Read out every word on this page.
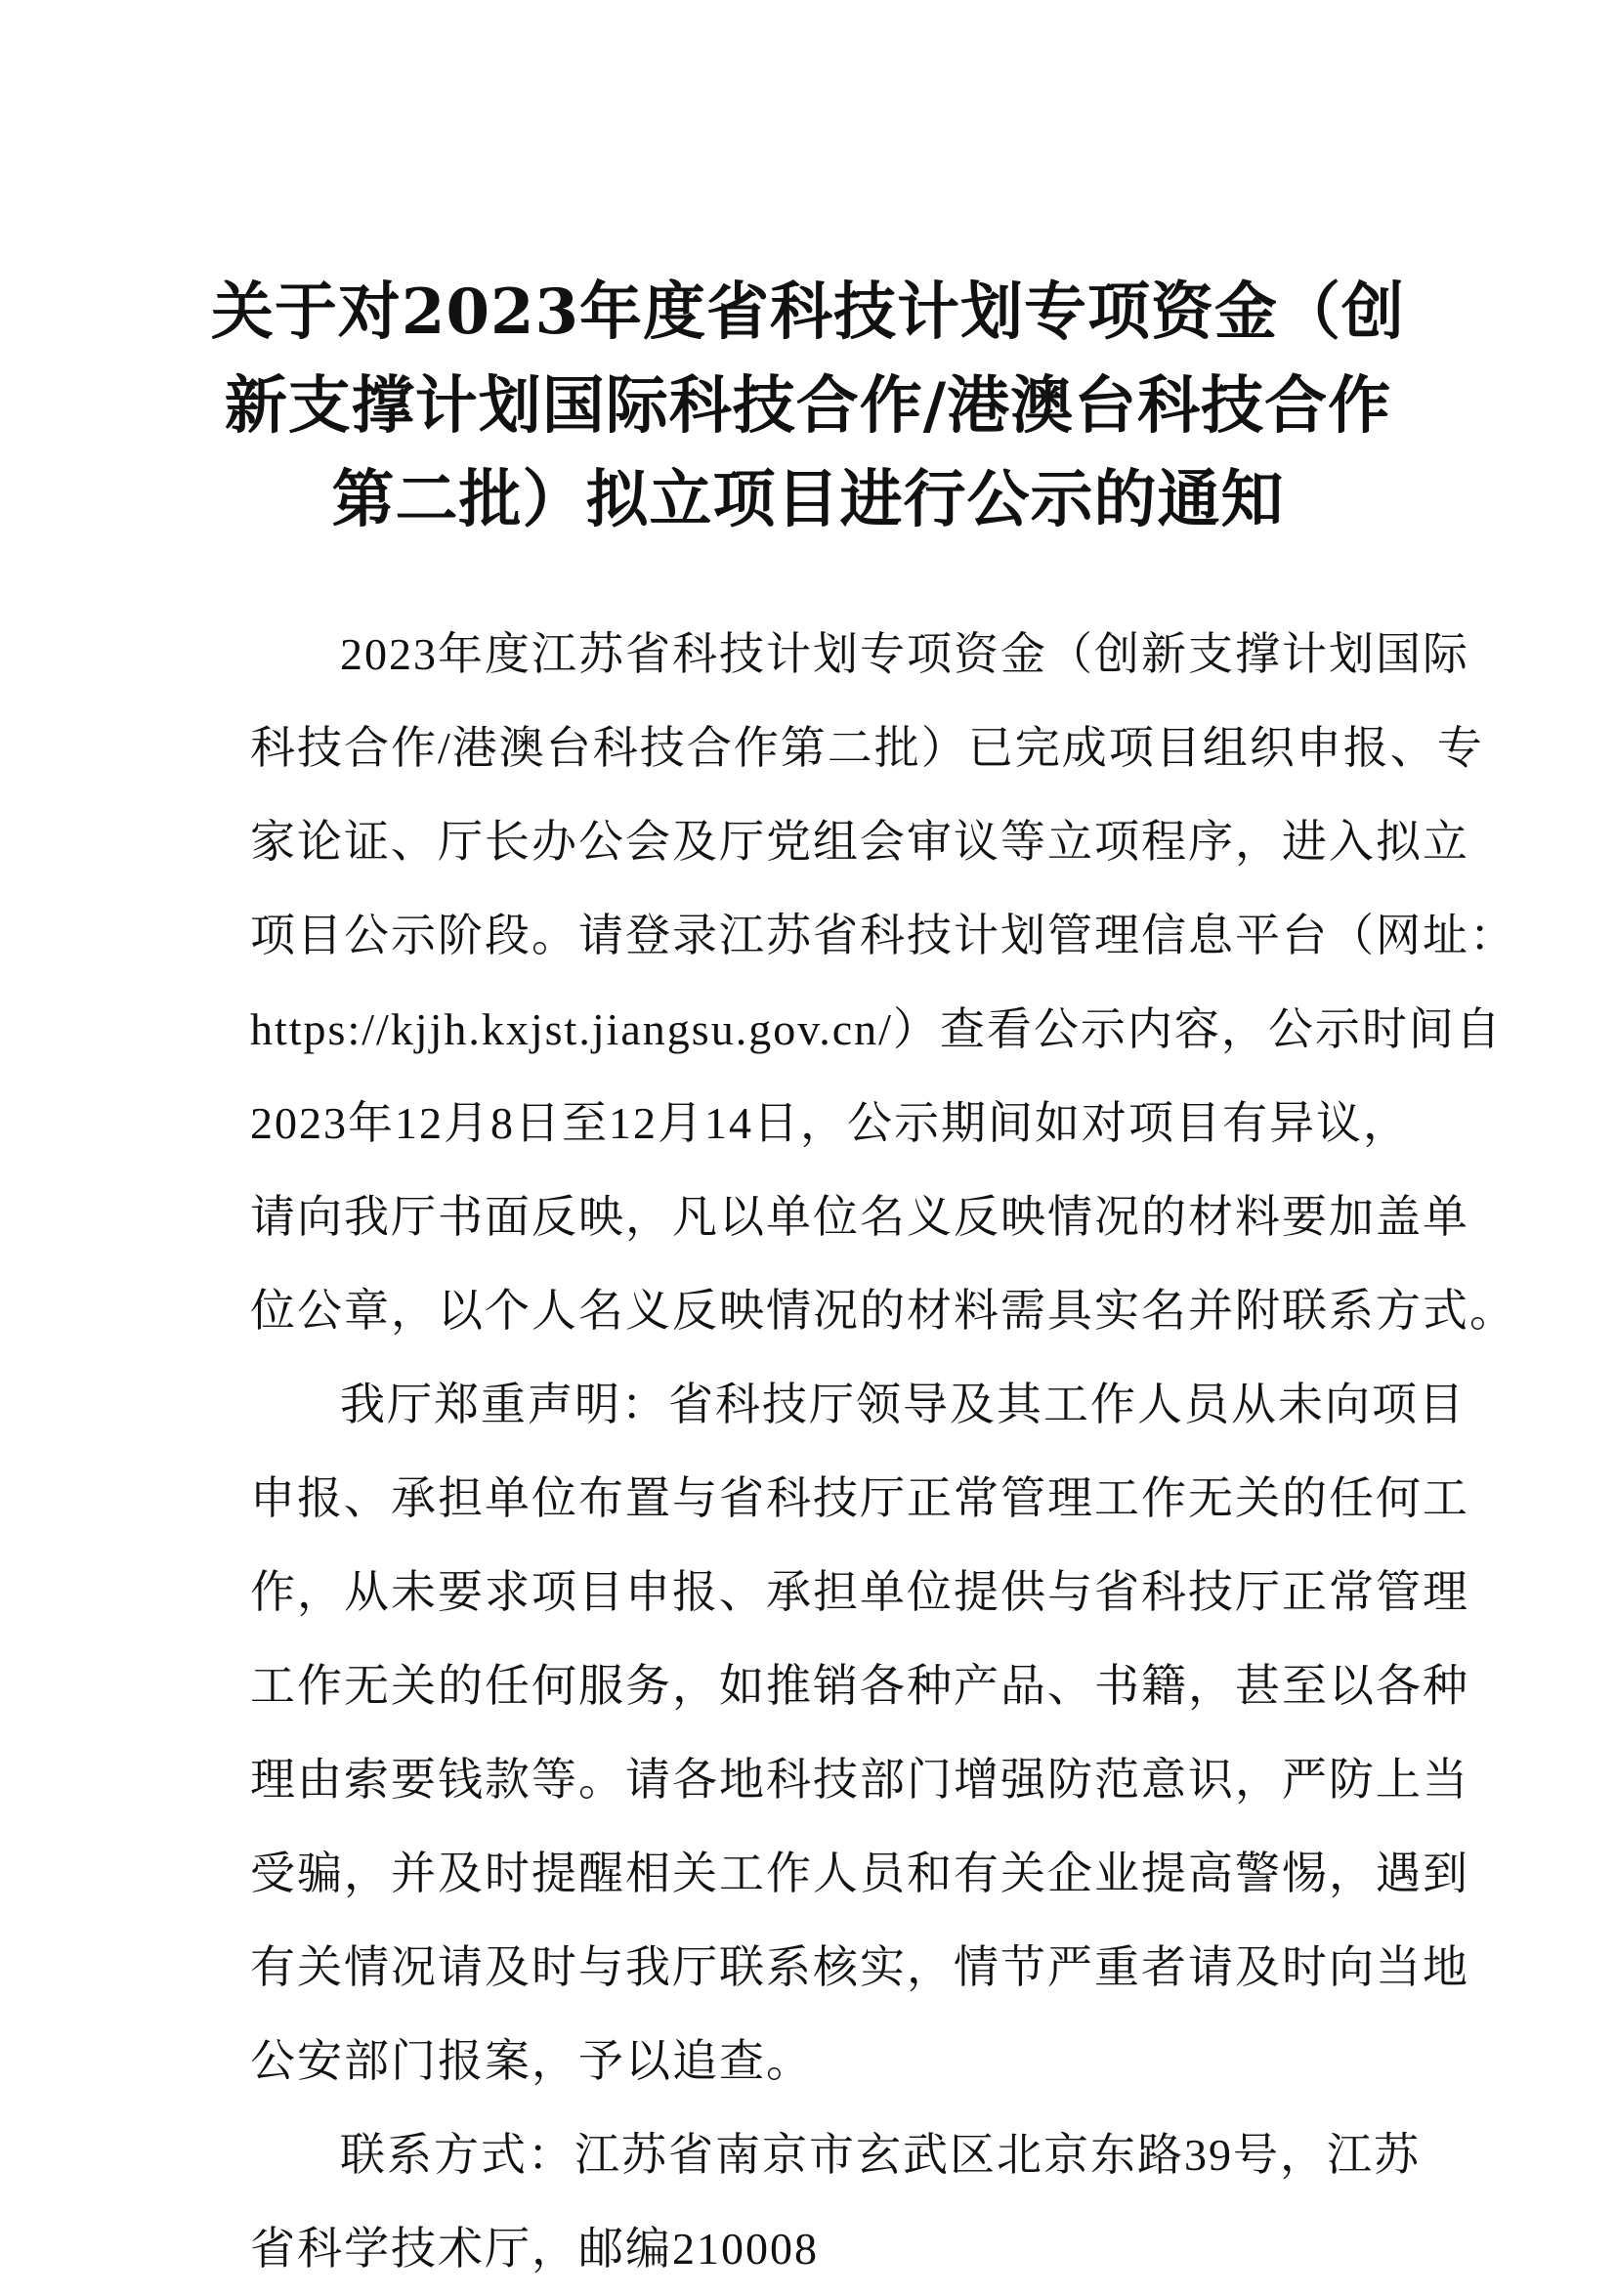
关于对2023年度省科技计划专项资金（创
新支撑计划国际科技合作/港澳台科技合作
第二批）拟立项目进行公示的通知
2023年度江苏省科技计划专项资金（创新支撑计划国际
科技合作/港澳台科技合作第二批）已完成项目组织申报、专
家论证、厅长办公会及厅党组会审议等立项程序，进入拟立
项目公示阶段。请登录江苏省科技计划管理信息平台（网址：
https://kjjh.kxjst.jiangsu.gov.cn/）查看公示内容，公示时间自
2023年12月8日至12月14日，公示期间如对项目有异议，
请向我厅书面反映，凡以单位名义反映情况的材料要加盖单
位公章，以个人名义反映情况的材料需具实名并附联系方式。
我厅郑重声明：省科技厅领导及其工作人员从未向项目
申报、承担单位布置与省科技厅正常管理工作无关的任何工
作，从未要求项目申报、承担单位提供与省科技厅正常管理
工作无关的任何服务，如推销各种产品、书籍，甚至以各种
理由索要钱款等。请各地科技部门增强防范意识，严防上当
受骗，并及时提醒相关工作人员和有关企业提高警惕，遇到
有关情况请及时与我厅联系核实，情节严重者请及时向当地
公安部门报案，予以追查。
联系方式：江苏省南京市玄武区北京东路39号，江苏
省科学技术厅，邮编210008
